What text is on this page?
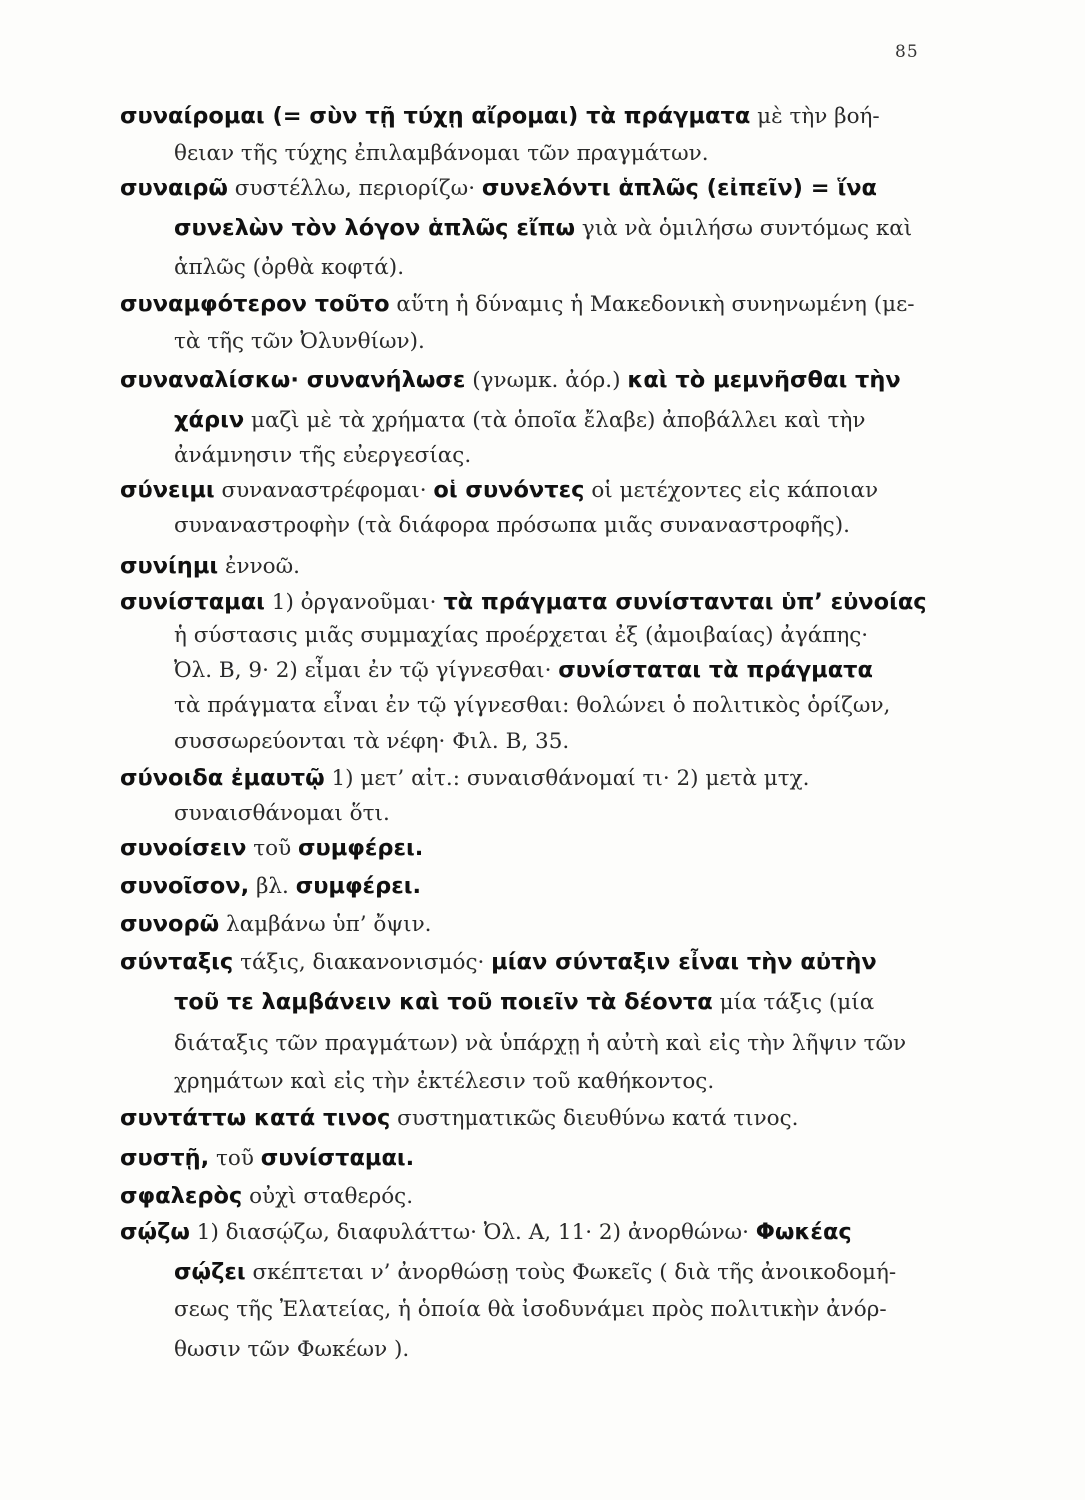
85
συναίρομαι (= σὺν τῇ τύχῃ αἴρομαι) τὰ πράγματα μὲ τὴν βοή-
θειαν τῆς τύχης ἐπιλαμβάνομαι τῶν πραγμάτων.
συναιρῶ συστέλλω, περιορίζω· συνελόντι ἁπλῶς (εἰπεῖν) = ἵνα
συνελὼν τὸν λόγον ἁπλῶς εἴπω γιὰ νὰ ὁμιλήσω συντόμως καὶ
ἁπλῶς (ὀρθὰ κοφτά).
συναμφότερον τοῦτο αὕτη ἡ δύναμις ἡ Μακεδονικὴ συνηνωμένη (με-
τὰ τῆς τῶν Ὀλυνθίων).
συναναλίσκω· συνανήλωσε (γνωμκ. ἀόρ.) καὶ τὸ μεμνῆσθαι τὴν
χάριν μαζὶ μὲ τὰ χρήματα (τὰ ὁποῖα ἔλαβε) ἀποβάλλει καὶ τὴν
ἀνάμνησιν τῆς εὐεργεσίας.
σύνειμι συναναστρέφομαι· οἱ συνόντες οἱ μετέχοντες εἰς κάποιαν
συναναστροφὴν (τὰ διάφορα πρόσωπα μιᾶς συναναστροφῆς).
συνίημι ἐννοῶ.
συνίσταμαι 1) ὀργανοῦμαι· τὰ πράγματα συνίστανται ὑπ’ εὐνοίας
ἡ σύστασις μιᾶς συμμαχίας προέρχεται ἐξ (ἀμοιβαίας) ἀγάπης·
Ὀλ. Β, 9· 2) εἶμαι ἐν τῷ γίγνεσθαι· συνίσταται τὰ πράγματα
τὰ πράγματα εἶναι ἐν τῷ γίγνεσθαι: θολώνει ὁ πολιτικὸς ὁρίζων,
συσσωρεύονται τὰ νέφη· Φιλ. Β, 35.
σύνοιδα ἐμαυτῷ 1) μετ’ αἰτ.: συναισθάνομαί τι· 2) μετὰ μτχ.
συναισθάνομαι ὅτι.
συνοίσειν τοῦ συμφέρει.
συνοῖσον, βλ. συμφέρει.
συνορῶ λαμβάνω ὑπ’ ὄψιν.
σύνταξις τάξις, διακανονισμός· μίαν σύνταξιν εἶναι τὴν αὐτὴν
τοῦ τε λαμβάνειν καὶ τοῦ ποιεῖν τὰ δέοντα μία τάξις (μία
διάταξις τῶν πραγμάτων) νὰ ὑπάρχῃ ἡ αὐτὴ καὶ εἰς τὴν λῆψιν τῶν
χρημάτων καὶ εἰς τὴν ἐκτέλεσιν τοῦ καθήκοντος.
συντάττω κατά τινος συστηματικῶς διευθύνω κατά τινος.
συστῇ, τοῦ συνίσταμαι.
σφαλερὸς οὐχὶ σταθερός.
σῴζω 1) διασῴζω, διαφυλάττω· Ὀλ. Α, 11· 2) ἀνορθώνω· Φωκέας
σῴζει σκέπτεται ν’ ἀνορθώσῃ τοὺς Φωκεῖς ( διὰ τῆς ἀνοικοδομή-
σεως τῆς Ἐλατείας, ἡ ὁποία θὰ ἰσοδυνάμει πρὸς πολιτικὴν ἀνόρ-
θωσιν τῶν Φωκέων ).
